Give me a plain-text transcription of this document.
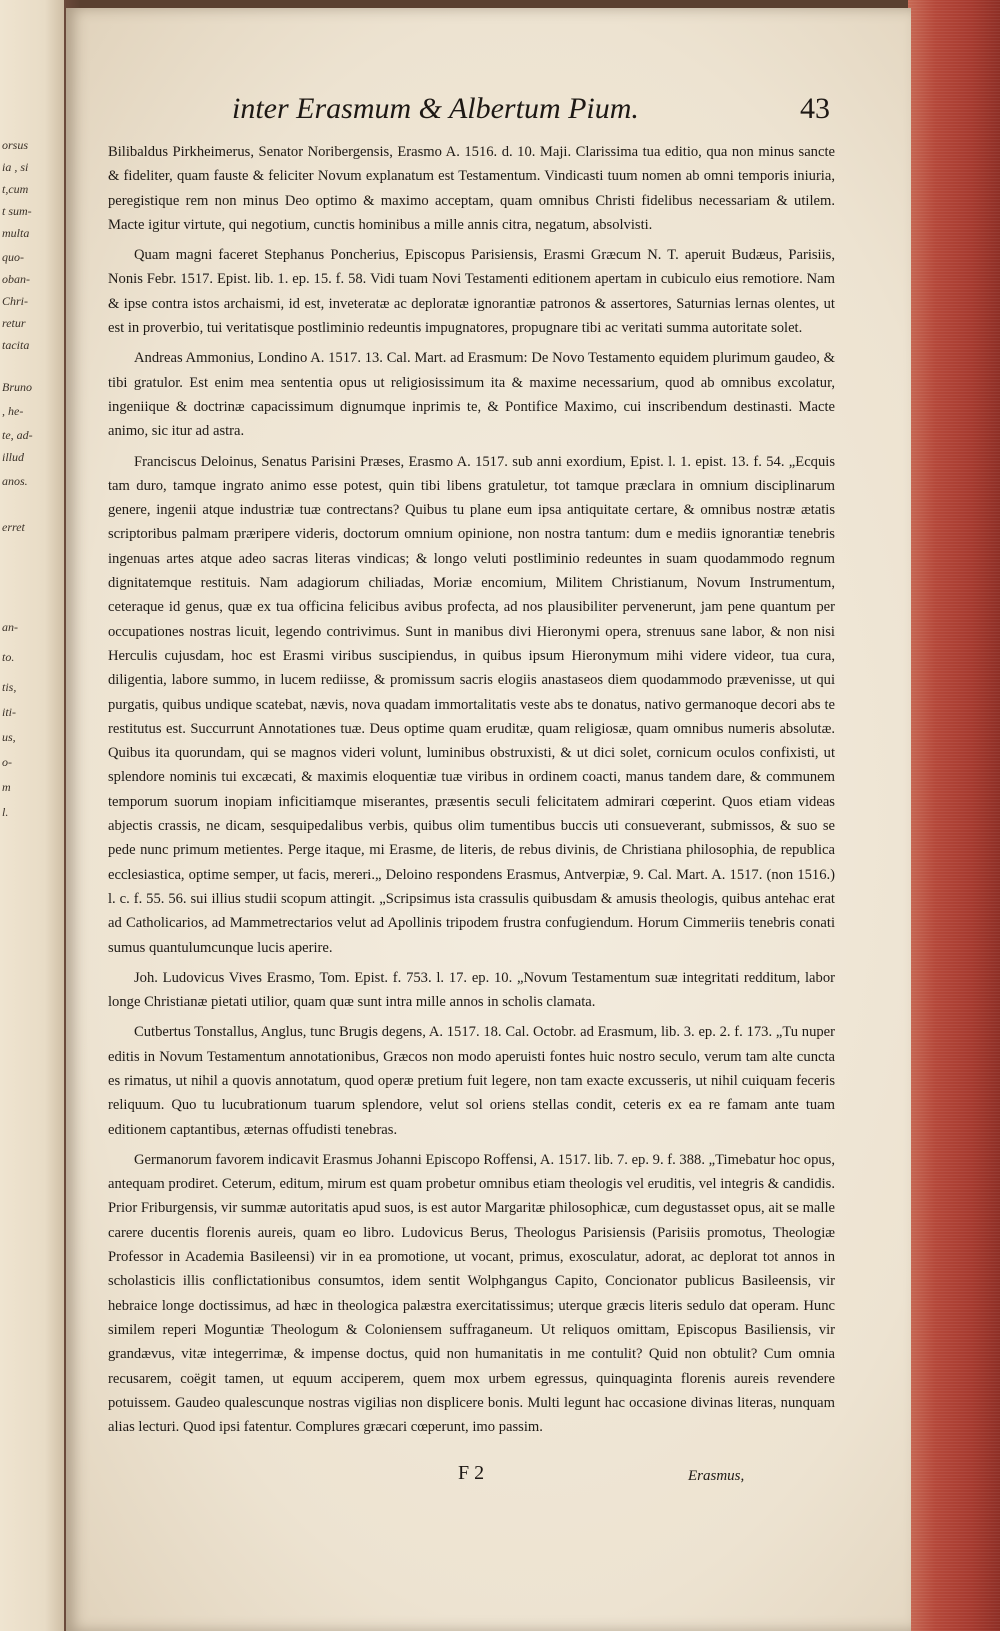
orsus
ia , si
t,cum
t sum-
multa
quo-
oban-
Chri-
retur
tacita
Bruno
, he-
te, ad-
illud
anos.
erret
an-
to.
tis,
iti-
us,
o-
m
l.
inter Erasmum & Albertum Pium.	43

Bilibaldus Pirkheimerus, Senator Noribergensis, Erasmo A. 1516. d. 10. Maji. Clarissima tua editio, qua non minus sancte & fideliter, quam fauste & feliciter Novum explanatum est Testamentum. Vindicasti tuum nomen ab omni temporis iniuria, peregistique rem non minus Deo optimo & maximo acceptam, quam omnibus Christi fidelibus necessariam & utilem. Macte igitur virtute, qui negotium, cunctis hominibus a mille annis citra, negatum, absolvisti.

Quam magni faceret Stephanus Poncherius, Episcopus Parisiensis, Erasmi Græcum N. T. aperuit Budæus, Parisiis, Nonis Febr. 1517. Epist. lib. 1. ep. 15. f. 58. Vidi tuam Novi Testamenti editionem apertam in cubiculo eius remotiore. Nam & ipse contra istos archaismi, id est, inveteratæ ac deploratæ ignorantiæ patronos & assertores, Saturnias lernas olentes, ut est in proverbio, tui veritatisque postliminio redeuntis impugnatores, propugnare tibi ac veritati summa autoritate solet.

Andreas Ammonius, Londino A. 1517. 13. Cal. Mart. ad Erasmum: De Novo Testamento equidem plurimum gaudeo, & tibi gratulor. Est enim mea sententia opus ut religiosissimum ita & maxime necessarium, quod ab omnibus excolatur, ingeniique & doctrinæ capacissimum dignumque inprimis te, & Pontifice Maximo, cui inscribendum destinasti. Macte animo, sic itur ad astra.

Franciscus Deloinus, Senatus Parisini Præses, Erasmo A. 1517. sub anni exordium, Epist. l. 1. epist. 13. f. 54. „Ecquis tam duro, tamque ingrato animo esse potest, quin tibi libens gratuletur, tot tamque præclara in omnium disciplinarum genere, ingenii atque industriæ tuæ contrectans? Quibus tu plane eum ipsa antiquitate certare, & omnibus nostræ ætatis scriptoribus palmam præripere videris, doctorum omnium opinione, non nostra tantum: dum e mediis ignorantiæ tenebris ingenuas artes atque adeo sacras literas vindicas; & longo veluti postliminio redeuntes in suam quodammodo regnum dignitatemque restituis. Nam adagiorum chiliadas, Moriæ encomium, Militem Christianum, Novum Instrumentum, ceteraque id genus, quæ ex tua officina felicibus avibus profecta, ad nos plausibiliter pervenerunt, jam pene quantum per occupationes nostras licuit, legendo contrivimus. Sunt in manibus divi Hieronymi opera, strenuus sane labor, & non nisi Herculis cujusdam, hoc est Erasmi viribus suscipiendus, in quibus ipsum Hieronymum mihi videre videor, tua cura, diligentia, labore summo, in lucem rediisse, & promissum sacris elogiis anastaseos diem quodammodo prævenisse, ut qui purgatis, quibus undique scatebat, nævis, nova quadam immortalitatis veste abs te donatus, nativo germanoque decori abs te restitutus est. Succurrunt Annotationes tuæ. Deus optime quam eruditæ, quam religiosæ, quam omnibus numeris absolutæ. Quibus ita quorundam, qui se magnos videri volunt, luminibus obstruxisti, & ut dici solet, cornicum oculos confixisti, ut splendore nominis tui excæcati, & maximis eloquentiæ tuæ viribus in ordinem coacti, manus tandem dare, & communem temporum suorum inopiam inficitiamque miserantes, præsentis seculi felicitatem admirari cœperint. Quos etiam videas abjectis crassis, ne dicam, sesquipedalibus verbis, quibus olim tumentibus buccis uti consueverant, submissos, & suo se pede nunc primum metientes. Perge itaque, mi Erasme, de literis, de rebus divinis, de Christiana philosophia, de republica ecclesiastica, optime semper, ut facis, mereri.„ Deloino respondens Erasmus, Antverpiæ, 9. Cal. Mart. A. 1517. (non 1516.) l. c. f. 55. 56. sui illius studii scopum attingit. „Scripsimus ista crassulis quibusdam & amusis theologis, quibus antehac erat ad Catholicarios, ad Mammetrectarios velut ad Apollinis tripodem frustra confugiendum. Horum Cimmeriis tenebris conati sumus quantulumcunque lucis aperire.

Joh. Ludovicus Vives Erasmo, Tom. Epist. f. 753. l. 17. ep. 10. „Novum Testamentum suæ integritati redditum, labor longe Christianæ pietati utilior, quam quæ sunt intra mille annos in scholis clamata.

Cutbertus Tonstallus, Anglus, tunc Brugis degens, A. 1517. 18. Cal. Octobr. ad Erasmum, lib. 3. ep. 2. f. 173. „Tu nuper editis in Novum Testamentum annotationibus, Græcos non modo aperuisti fontes huic nostro seculo, verum tam alte cuncta es rimatus, ut nihil a quovis annotatum, quod operæ pretium fuit legere, non tam exacte excusseris, ut nihil cuiquam feceris reliquum. Quo tu lucubrationum tuarum splendore, velut sol oriens stellas condit, ceteris ex ea re famam ante tuam editionem captantibus, æternas offudisti tenebras.

Germanorum favorem indicavit Erasmus Johanni Episcopo Roffensi, A. 1517. lib. 7. ep. 9. f. 388. „Timebatur hoc opus, antequam prodiret. Ceterum, editum, mirum est quam probetur omnibus etiam theologis vel eruditis, vel integris & candidis. Prior Friburgensis, vir summæ autoritatis apud suos, is est autor Margaritæ philosophicæ, cum degustasset opus, ait se malle carere ducentis florenis aureis, quam eo libro. Ludovicus Berus, Theologus Parisiensis (Parisiis promotus, Theologiæ Professor in Academia Basileensi) vir in ea promotione, ut vocant, primus, exosculatur, adorat, ac deplorat tot annos in scholasticis illis conflictationibus consumtos, idem sentit Wolphgangus Capito, Concionator publicus Basileensis, vir hebraice longe doctissimus, ad hæc in theologica palæstra exercitatissimus; uterque græcis literis sedulo dat operam. Hunc similem reperi Moguntiæ Theologum & Coloniensem suffraganeum. Ut reliquos omittam, Episcopus Basiliensis, vir grandævus, vitæ integerrimæ, & impense doctus, quid non humanitatis in me contulit? Quid non obtulit? Cum omnia recusarem, coëgit tamen, ut equum acciperem, quem mox urbem egressus, quinquaginta florenis aureis revendere potuissem. Gaudeo qualescunque nostras vigilias non displicere bonis. Multi legunt hac occasione divinas literas, nunquam alias lecturi. Quod ipsi fatentur. Complures græcari cœperunt, imo passim.

F 2	Erasmus,
